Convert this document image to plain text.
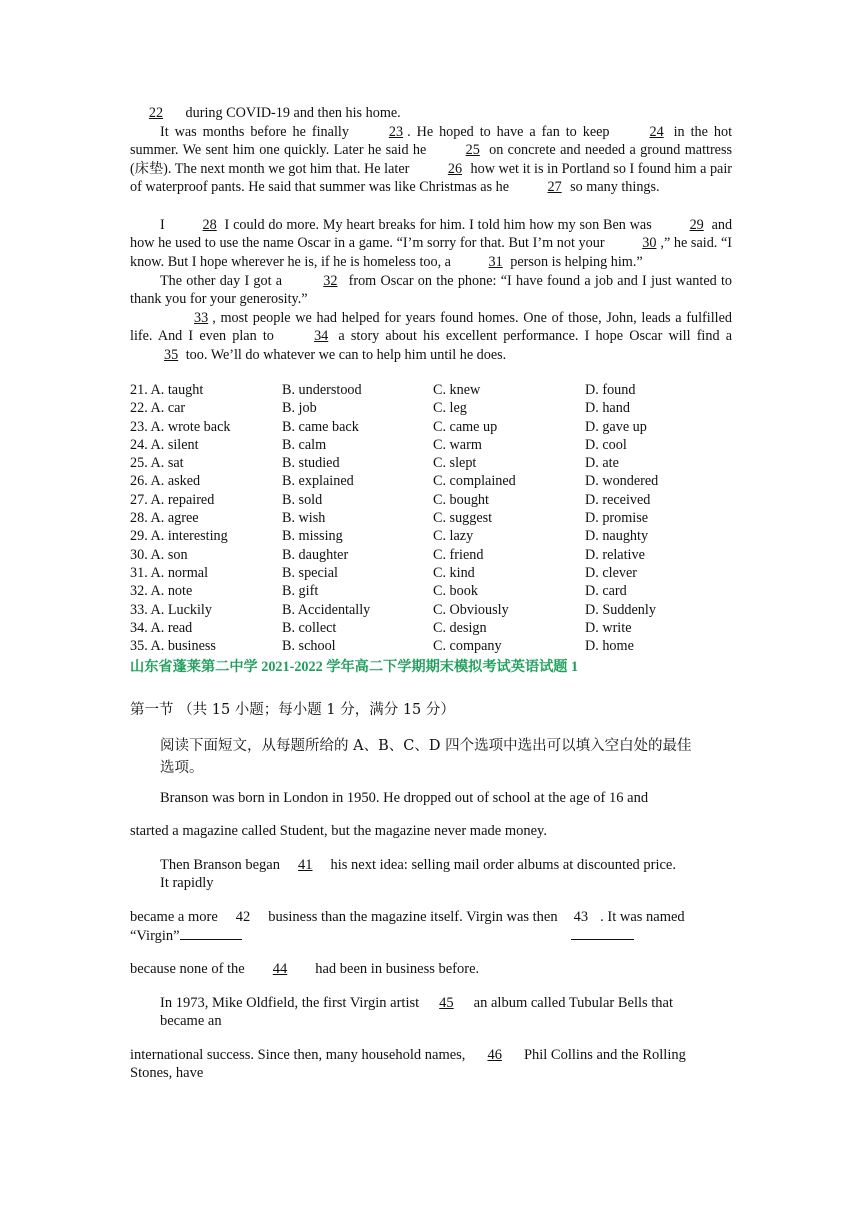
22 during COVID-19 and then his home.

It was months before he finally	23 . He hoped to have a fan to keep	24 in the hot summer. We sent him one quickly. Later he said he	25 on concrete and needed a ground mattress (床垫). The next month we got him that. He later	26 how wet it is in Portland so I found him a pair of waterproof pants. He said that summer was like Christmas as he	27 so many things.

I	28 I could do more. My heart breaks for him. I told him how my son Ben was	29 and how he used to use the name Oscar in a game. “I’m sorry for that. But I’m not your	30 ,” he said. “I know. But I hope wherever he is, if he is homeless too, a	31 person is helping him.”

The other day I got a	32 from Oscar on the phone: “I have found a job and I just wanted to thank you for your generosity.”

33 , most people we had helped for years found homes. One of those, John, leads a fulfilled life. And I even plan to	34 a story about his excellent performance. I hope Oscar will find a 35 too. We’ll do whatever we can to help him until he does.

21. A. taught	B. understood	C. knew	D. found
22. A. car	B. job	C. leg	D. hand
23. A. wrote back	B. came back	C. came up	D. gave up
24. A. silent	B. calm	C. warm	D. cool
25. A. sat	B. studied	C. slept	D. ate
26. A. asked	B. explained	C. complained	D. wondered
27. A. repaired	B. sold	C. bought	D. received
28. A. agree	B. wish	C. suggest	D. promise
29. A. interesting	B. missing	C. lazy	D. naughty
30. A. son	B. daughter	C. friend	D. relative
31. A. normal	B. special	C. kind	D. clever
32. A. note	B. gift	C. book	D. card
33. A. Luckily	B. Accidentally	C. Obviously	D. Suddenly
34. A. read	B. collect	C. design	D. write
35. A. business	B. school	C. company	D. home
山东省蓬莱第二中学 2021-2022 学年高二下学期期末模拟考试英语试题 1
第一节 （共 15 小题；每小题 1 分，满分 15 分）
阅读下面短文，从每题所给的 A、B、C、D 四个选项中选出可以填入空白处的最佳
选项。
Branson was born in London in 1950. He dropped out of school at the age of 16 and
started a magazine called Student, but the magazine never made money.
Then Branson began 41 his next idea: selling mail order albums at discounted price.
It rapidly
became a more 42 business than the magazine itself. Virgin was then 43 . It was named
“Virgin”
because none of the 44 had been in business before.
In 1973, Mike Oldfield, the first Virgin artist 45 an album called Tubular Bells that
became an
international success. Since then, many household names, 46 Phil Collins and the Rolling
Stones, have
